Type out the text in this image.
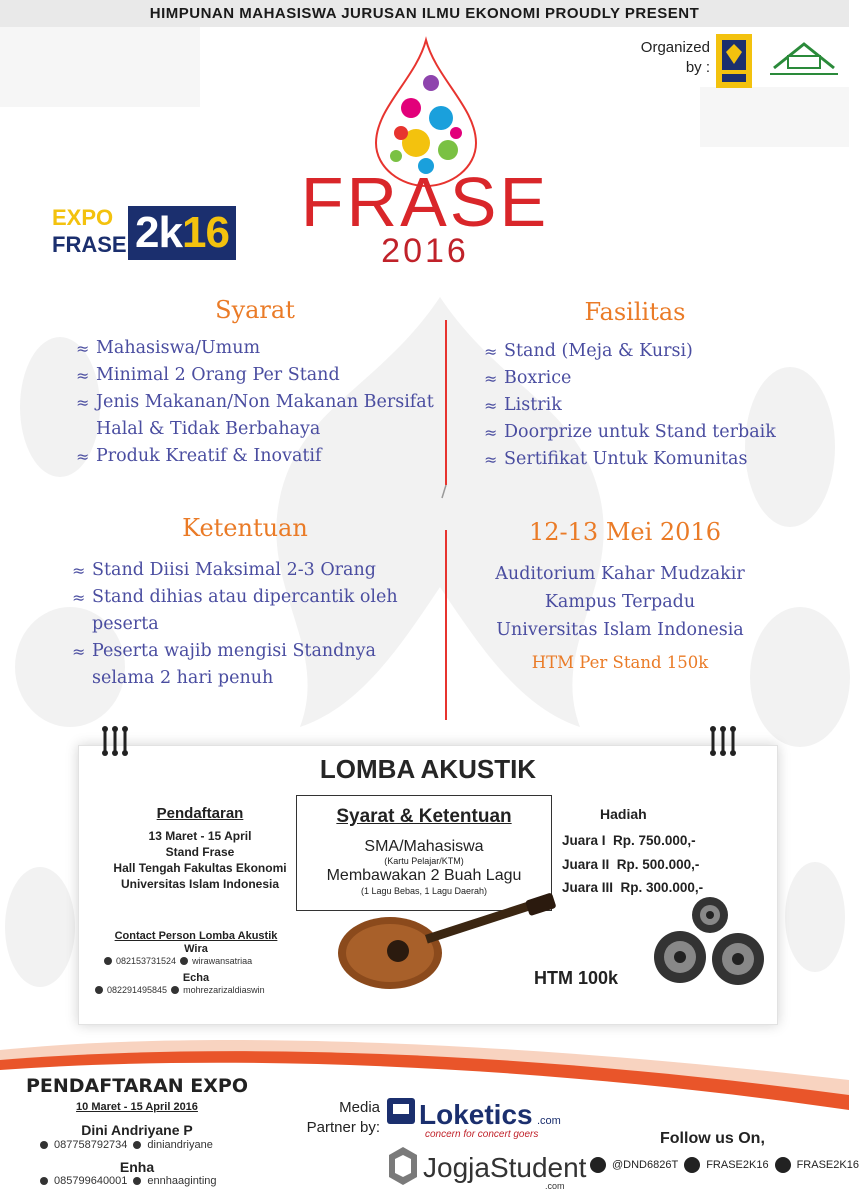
HIMPUNAN MAHASISWA JURUSAN ILMU EKONOMI PROUDLY PRESENT
Organized
by :
FRASE
2016
EXPO
FRASE 2k16
Syarat
≈ Mahasiswa/Umum
≈ Minimal 2 Orang Per Stand
≈ Jenis Makanan/Non Makanan Bersifat Halal & Tidak Berbahaya
≈ Produk Kreatif & Inovatif
Fasilitas
≈ Stand (Meja & Kursi)
≈ Boxrice
≈ Listrik
≈ Doorprize untuk Stand terbaik
≈ Sertifikat Untuk Komunitas
Ketentuan
≈ Stand Diisi Maksimal 2-3 Orang
≈ Stand dihias atau dipercantik oleh peserta
≈ Peserta wajib mengisi Standnya selama 2 hari penuh
12-13 Mei 2016
Auditorium Kahar Mudzakir
Kampus Terpadu
Universitas Islam Indonesia
HTM Per Stand 150k
LOMBA AKUSTIK
Pendaftaran
13 Maret - 15 April
Stand Frase
Hall Tengah Fakultas Ekonomi
Universitas Islam Indonesia
Syarat & Ketentuan
SMA/Mahasiswa
(Kartu Pelajar/KTM)
Membawakan 2 Buah Lagu
(1 Lagu Bebas, 1 Lagu Daerah)
Hadiah
Juara I Rp. 750.000,-
Juara II Rp. 500.000,-
Juara III Rp. 300.000,-
Contact Person Lomba Akustik
Wira
082153731524 wirawansatriaa
Echa
082291495845 mohrezarizaldiaswin
HTM 100k
PENDAFTARAN EXPO
10 Maret - 15 April 2016
Dini Andriyane P
087758792734 diniandriyane
Enha
085799640001 ennhaaginting
Media
Partner by: Loketics .com
concern for concert goers
JogjaStudent
.com
Follow us On,
@DND6826T	FRASE2K16	FRASE2K16
